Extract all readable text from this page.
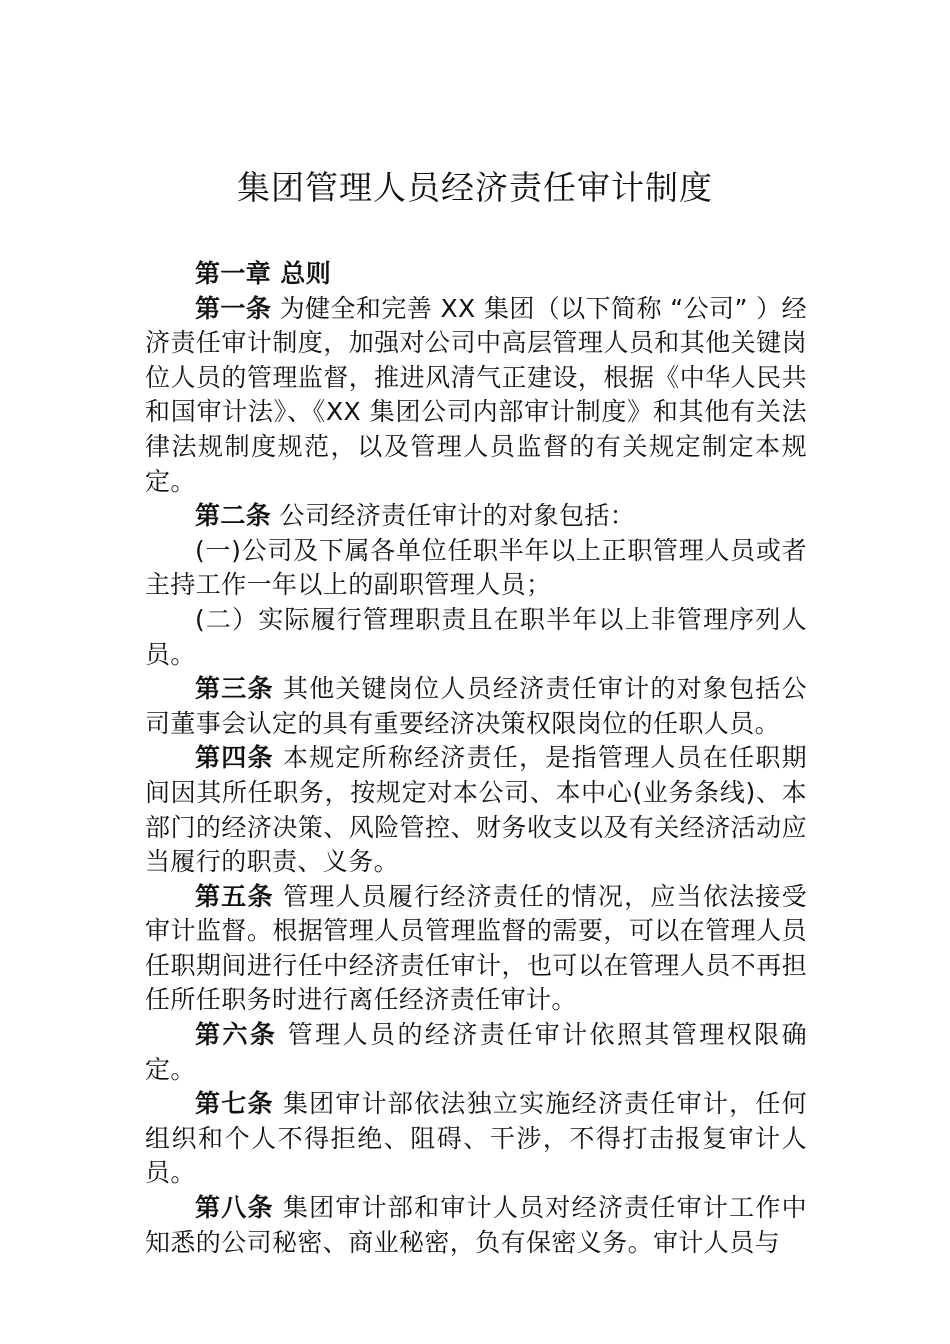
集团管理人员经济责任审计制度

第一章 总则

第一条 为健全和完善 XX 集团（以下简称 “公司” ）经济责任审计制度，加强对公司中高层管理人员和其他关键岗位人员的管理监督，推进风清气正建设，根据《中华人民共和国审计法》、《XX 集团公司内部审计制度》和其他有关法律法规制度规范，以及管理人员监督的有关规定制定本规定。

第二条 公司经济责任审计的对象包括：

(一)公司及下属各单位任职半年以上正职管理人员或者主持工作一年以上的副职管理人员；

(二）实际履行管理职责且在职半年以上非管理序列人员。

第三条 其他关键岗位人员经济责任审计的对象包括公司董事会认定的具有重要经济决策权限岗位的任职人员。

第四条 本规定所称经济责任，是指管理人员在任职期间因其所任职务，按规定对本公司、本中心(业务条线)、本部门的经济决策、风险管控、财务收支以及有关经济活动应当履行的职责、义务。

第五条 管理人员履行经济责任的情况，应当依法接受审计监督。根据管理人员管理监督的需要，可以在管理人员任职期间进行任中经济责任审计，也可以在管理人员不再担任所任职务时进行离任经济责任审计。

第六条 管理人员的经济责任审计依照其管理权限确定。

第七条 集团审计部依法独立实施经济责任审计，任何组织和个人不得拒绝、阻碍、干涉，不得打击报复审计人员。

第八条 集团审计部和审计人员对经济责任审计工作中知悉的公司秘密、商业秘密，负有保密义务。审计人员与
